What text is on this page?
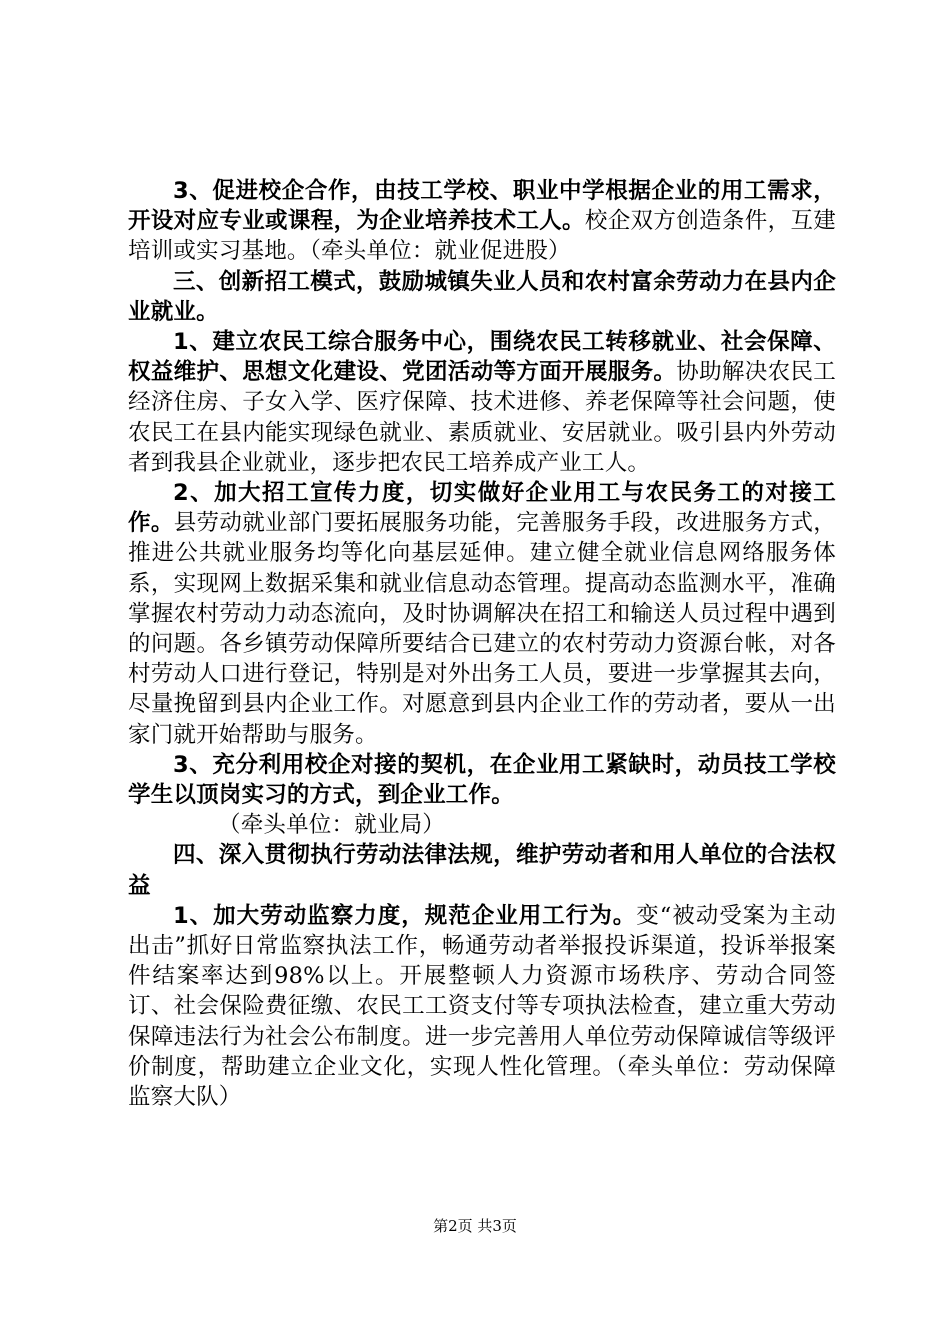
3、促进校企合作，由技工学校、职业中学根据企业的用工需求，开设对应专业或课程，为企业培养技术工人。校企双方创造条件，互建培训或实习基地。（牵头单位：就业促进股）

三、创新招工模式，鼓励城镇失业人员和农村富余劳动力在县内企业就业。

1、建立农民工综合服务中心，围绕农民工转移就业、社会保障、权益维护、思想文化建设、党团活动等方面开展服务。协助解决农民工经济住房、子女入学、医疗保障、技术进修、养老保障等社会问题，使农民工在县内能实现绿色就业、素质就业、安居就业。吸引县内外劳动者到我县企业就业，逐步把农民工培养成产业工人。

2、加大招工宣传力度，切实做好企业用工与农民务工的对接工作。县劳动就业部门要拓展服务功能，完善服务手段，改进服务方式，推进公共就业服务均等化向基层延伸。建立健全就业信息网络服务体系，实现网上数据采集和就业信息动态管理。提高动态监测水平，准确掌握农村劳动力动态流向，及时协调解决在招工和输送人员过程中遇到的问题。各乡镇劳动保障所要结合已建立的农村劳动力资源台帐，对各村劳动人口进行登记，特别是对外出务工人员，要进一步掌握其去向，尽量挽留到县内企业工作。对愿意到县内企业工作的劳动者，要从一出家门就开始帮助与服务。

3、充分利用校企对接的契机，在企业用工紧缺时，动员技工学校学生以顶岗实习的方式，到企业工作。

（牵头单位：就业局）

四、深入贯彻执行劳动法律法规，维护劳动者和用人单位的合法权益

1、加大劳动监察力度，规范企业用工行为。变“被动受案为主动出击”抓好日常监察执法工作，畅通劳动者举报投诉渠道，投诉举报案件结案率达到98%以上。开展整顿人力资源市场秩序、劳动合同签订、社会保险费征缴、农民工工资支付等专项执法检查，建立重大劳动保障违法行为社会公布制度。进一步完善用人单位劳动保障诚信等级评价制度，帮助建立企业文化，实现人性化管理。（牵头单位：劳动保障监察大队）

第2页 共3页
